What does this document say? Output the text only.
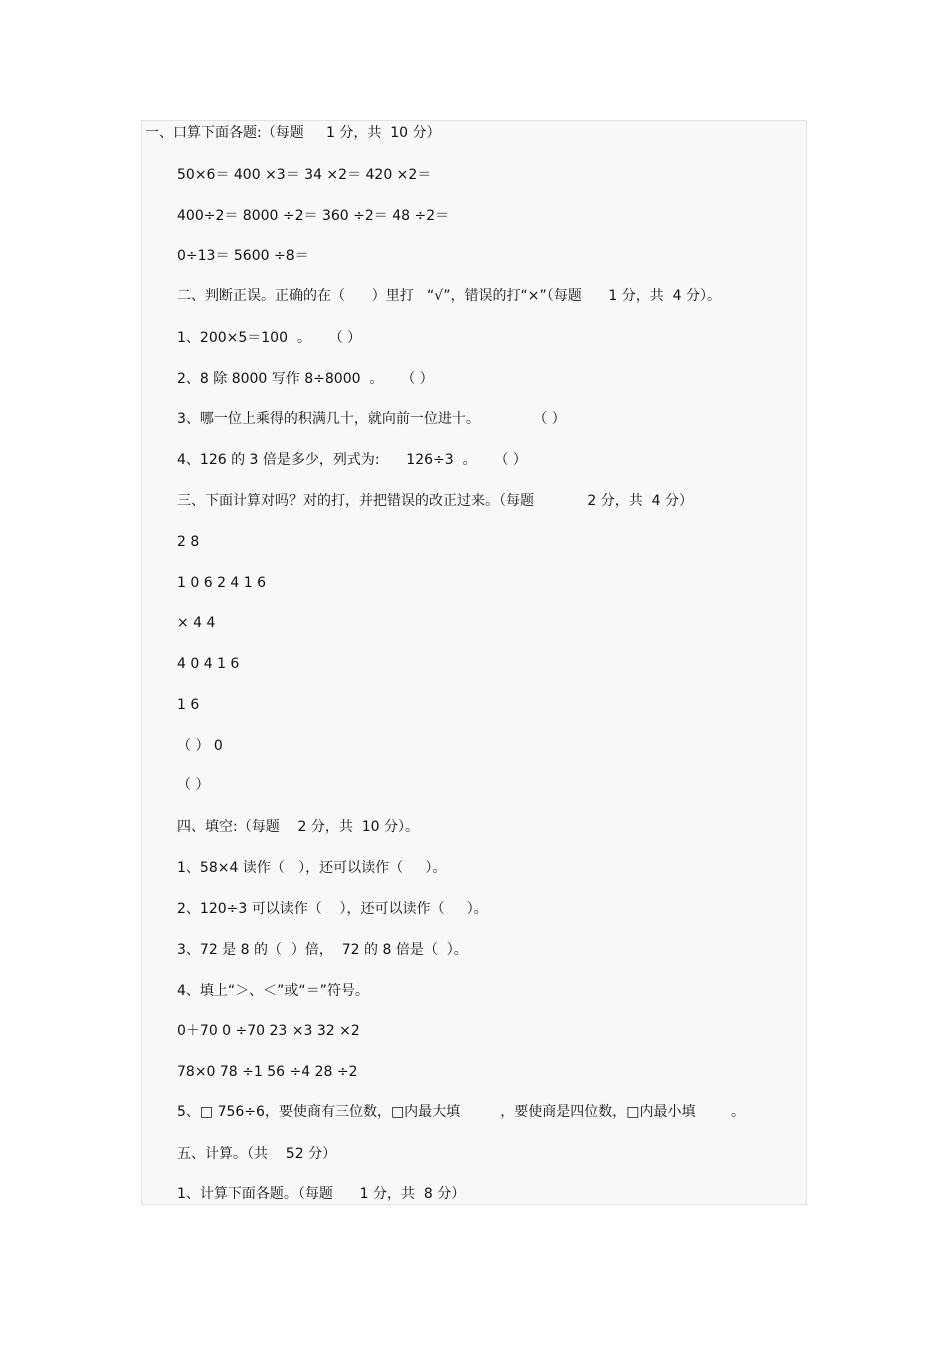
一、口算下面各题:（每题     1 分，共  10 分）
50×6＝ 400 ×3＝ 34 ×2＝ 420 ×2＝
400÷2＝ 8000 ÷2＝ 360 ÷2＝ 48 ÷2＝
0÷13＝ 5600 ÷8＝
二、判断正误。正确的在（      ）里打   “√”，错误的打“×”（每题      1 分，共  4 分）。
1、200×5＝100  。    （ ）
2、8 除 8000 写作 8÷8000  。    （ ）
3、哪一位上乘得的积满几十，就向前一位进十。            （ ）
4、126 的 3 倍是多少，列式为:      126÷3  。    （ ）
三、下面计算对吗？对的打，并把错误的改正过来。（每题            2 分，共  4 分）
2 8
1 0 6 2 4 1 6
× 4 4
4 0 4 1 6
1 6
（ ） 0
（ ）
四、填空:（每题    2 分，共  10 分）。
1、58×4 读作（   ），还可以读作（     ）。
2、120÷3 可以读作（    ），还可以读作（     ）。
3、72 是 8 的（  ）倍，  72 的 8 倍是（  ）。
4、填上“＞、＜”或“＝”符号。
0＋70 0 ÷70 23 ×3 32 ×2
78×0 78 ÷1 56 ÷4 28 ÷2
5、□ 756÷6，要使商有三位数，□内最大填         ，要使商是四位数，□内最小填        。
五、计算。（共    52 分）
1、计算下面各题。（每题      1 分，共  8 分）
